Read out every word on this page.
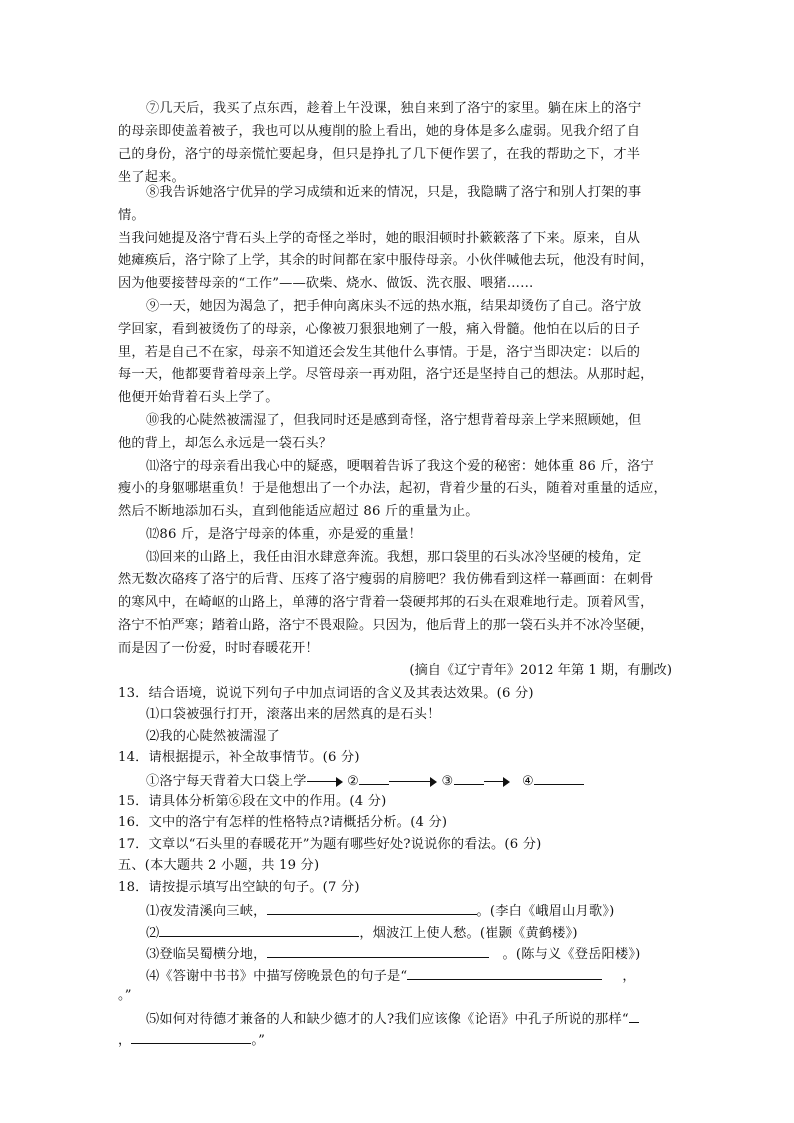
⑦几天后，我买了点东西，趁着上午没课，独自来到了洛宁的家里。躺在床上的洛宁
的母亲即使盖着被子，我也可以从瘦削的脸上看出，她的身体是多么虚弱。见我介绍了自
己的身份，洛宁的母亲慌忙要起身，但只是挣扎了几下便作罢了，在我的帮助之下，才半
坐了起来。
⑧我告诉她洛宁优异的学习成绩和近来的情况，只是，我隐瞒了洛宁和别人打架的事
情。
当我问她提及洛宁背石头上学的奇怪之举时，她的眼泪顿时扑簌簌落了下来。原来，自从
她瘫痪后，洛宁除了上学，其余的时间都在家中服侍母亲。小伙伴喊他去玩，他没有时间，
因为他要接替母亲的“工作”——砍柴、烧水、做饭、洗衣服、喂猪……
⑨一天，她因为渴急了，把手伸向离床头不远的热水瓶，结果却烫伤了自己。洛宁放
学回家，看到被烫伤了的母亲，心像被刀狠狠地剜了一般，痛入骨髓。他怕在以后的日子
里，若是自己不在家，母亲不知道还会发生其他什么事情。于是，洛宁当即决定：以后的
每一天，他都要背着母亲上学。尽管母亲一再劝阻，洛宁还是坚持自己的想法。从那时起，
他便开始背着石头上学了。
⑩我的心陡然被濡湿了，但我同时还是感到奇怪，洛宁想背着母亲上学来照顾她，但
他的背上，却怎么永远是一袋石头？
⑾洛宁的母亲看出我心中的疑惑，哽咽着告诉了我这个爱的秘密：她体重 86 斤，洛宁
瘦小的身躯哪堪重负！于是他想出了一个办法，起初，背着少量的石头，随着对重量的适应，
然后不断地添加石头，直到他能适应超过 86 斤的重量为止。
⑿86 斤，是洛宁母亲的体重，亦是爱的重量！
⒀回来的山路上，我任由泪水肆意奔流。我想，那口袋里的石头冰冷坚硬的棱角，定
然无数次硌疼了洛宁的后背、压疼了洛宁瘦弱的肩膀吧？我仿佛看到这样一幕画面：在刺骨
的寒风中，在崎岖的山路上，单薄的洛宁背着一袋硬邦邦的石头在艰难地行走。顶着风雪，
洛宁不怕严寒；踏着山路，洛宁不畏艰险。只因为，他后背上的那一袋石头并不冰冷坚硬，
而是因了一份爱，时时春暖花开！
(摘自《辽宁青年》2012 年第 1 期，有删改)
13．结合语境，说说下列句子中加点词语的含义及其表达效果。(6 分)
⑴口袋被强行打开，滚落出来的居然真的是石头！
⑵我的心陡然被濡湿了
14．请根据提示，补全故事情节。(6 分)
①洛宁每天背着大口袋上学	②	③	④
15．请具体分析第⑥段在文中的作用。(4 分)
16．文中的洛宁有怎样的性格特点?请概括分析。(4 分)
17．文章以“石头里的春暖花开”为题有哪些好处?说说你的看法。(6 分)
五、(本大题共 2 小题，共 19 分)
18．请按提示填写出空缺的句子。(7 分)
⑴夜发清溪向三峡，	。(李白《峨眉山月歌》)
⑵	，烟波江上使人愁。(崔颢《黄鹤楼》)
⑶登临吴蜀横分地，	。(陈与义《登岳阳楼》)
⑷《答谢中书书》中描写傍晚景色的句子是“	，
。”
⑸如何对待德才兼备的人和缺少德才的人?我们应该像《论语》中孔子所说的那样“
，	。”
